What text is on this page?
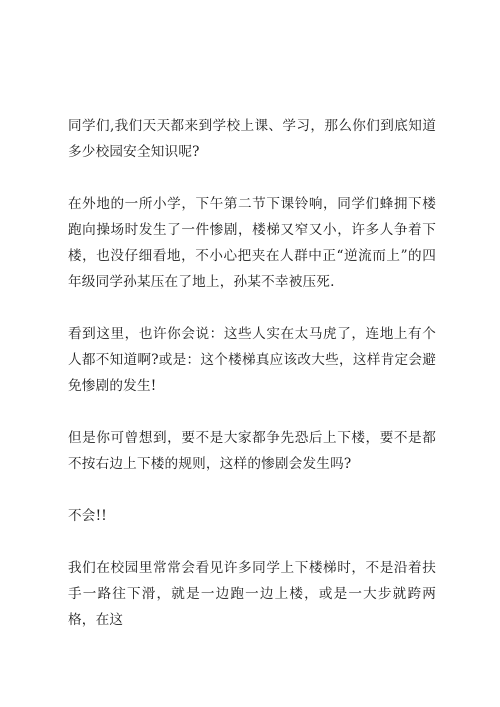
同学们,我们天天都来到学校上课、学习，那么你们到底知道多少校园安全知识呢?

在外地的一所小学，下午第二节下课铃响，同学们蜂拥下楼跑向操场时发生了一件惨剧，楼梯又窄又小，许多人争着下楼，也没仔细看地，不小心把夹在人群中正“逆流而上”的四年级同学孙某压在了地上，孙某不幸被压死.

看到这里，也许你会说：这些人实在太马虎了，连地上有个人都不知道啊?或是：这个楼梯真应该改大些，这样肯定会避免惨剧的发生!

但是你可曾想到，要不是大家都争先恐后上下楼，要不是都不按右边上下楼的规则，这样的惨剧会发生吗?

不会!!

我们在校园里常常会看见许多同学上下楼梯时，不是沿着扶手一路往下滑，就是一边跑一边上楼，或是一大步就跨两格，在这
